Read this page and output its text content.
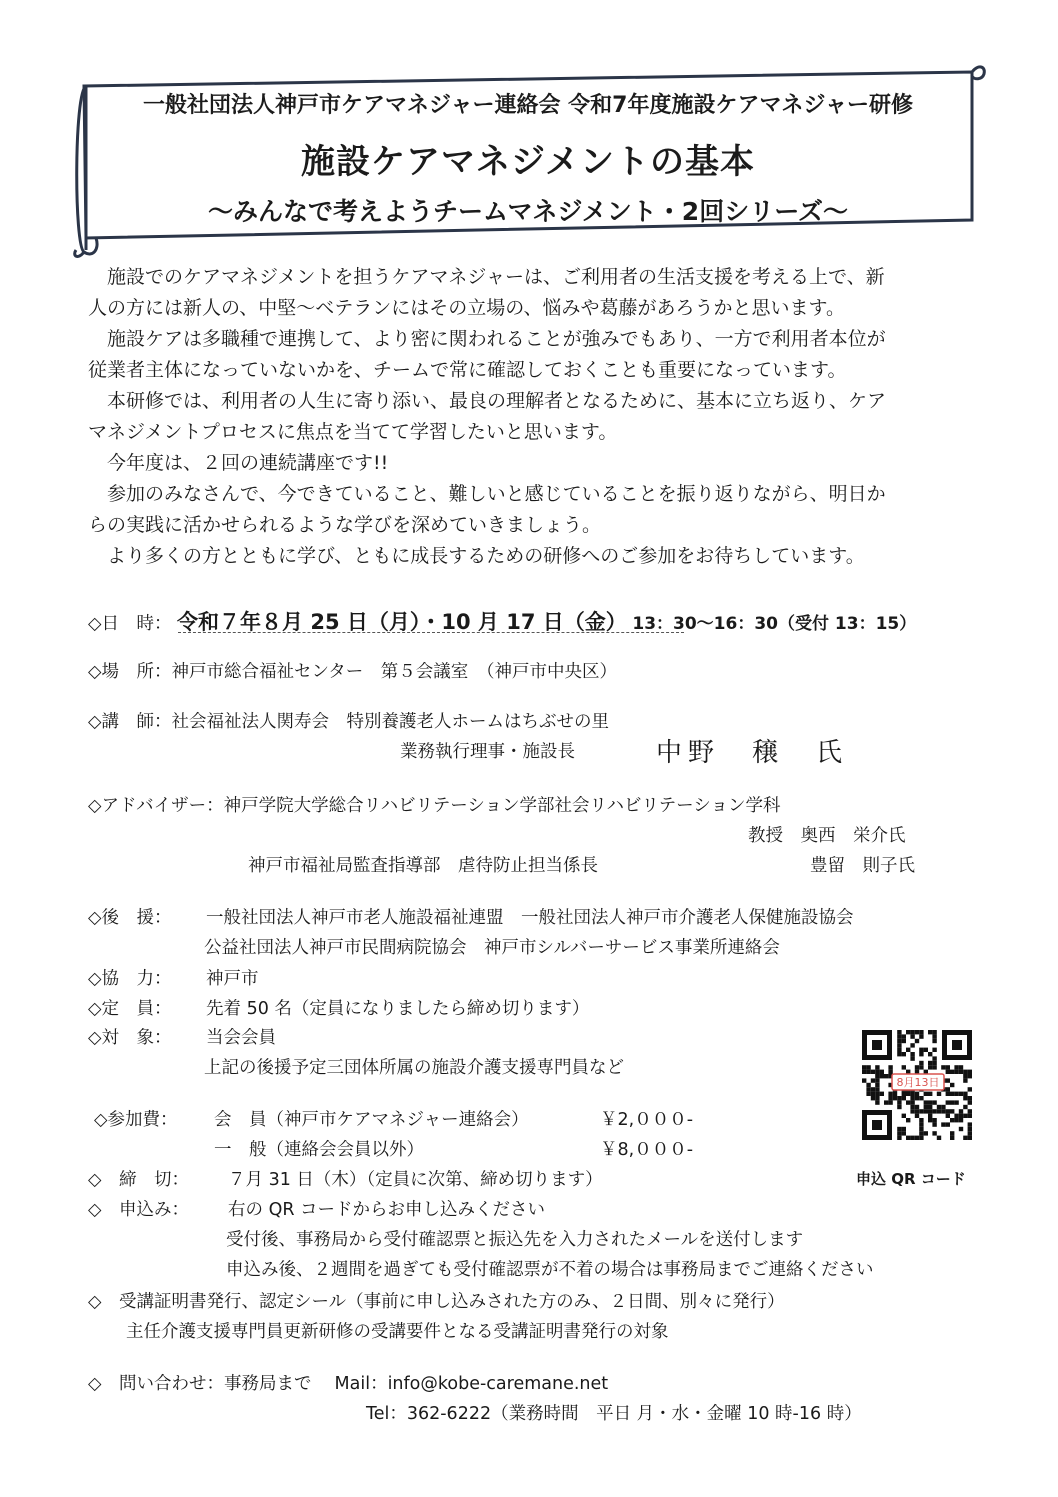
一般社団法人神戸市ケアマネジャー連絡会 令和7年度施設ケアマネジャー研修
施設ケアマネジメントの基本
〜みんなで考えようチームマネジメント・2回シリーズ〜

　施設でのケアマネジメントを担うケアマネジャーは、ご利用者の生活支援を考える上で、新

人の方には新人の、中堅〜ベテランにはその立場の、悩みや葛藤があろうかと思います。

　施設ケアは多職種で連携して、より密に関われることが強みでもあり、一方で利用者本位が

従業者主体になっていないかを、チームで常に確認しておくことも重要になっています。

　本研修では、利用者の人生に寄り添い、最良の理解者となるために、基本に立ち返り、ケア

マネジメントプロセスに焦点を当てて学習したいと思います。

　今年度は、２回の連続講座です!!

　参加のみなさんで、今できていること、難しいと感じていることを振り返りながら、明日か

らの実践に活かせられるような学びを深めていきましょう。

　より多くの方とともに学び、ともに成長するための研修へのご参加をお待ちしています。

◇日　時： 令和７年８月 25 日（月）・10 月 17 日（金） 13：30〜16：30（受付 13：15）
◇場　所：神戸市総合福祉センター　第５会議室　（神戸市中央区）
◇講　師：社会福祉法人関寿会　特別養護老人ホームはちぶせの里
業務執行理事・施設長	中野　穣　氏
◇アドバイザー：神戸学院大学総合リハビリテーション学部社会リハビリテーション学科
教授　奥西　栄介氏
神戸市福祉局監査指導部　虐待防止担当係長	豊留　則子氏
◇後　援： 一般社団法人神戸市老人施設福祉連盟　一般社団法人神戸市介護老人保健施設協会
公益社団法人神戸市民間病院協会　神戸市シルバーサービス事業所連絡会
◇協　力： 神戸市
◇定　員： 先着 50 名（定員になりましたら締め切ります）
◇対　象： 当会会員
上記の後援予定三団体所属の施設介護支援専門員など
◇参加費： 会　員（神戸市ケアマネジャー連絡会）	￥2,０００-
一　般（連絡会会員以外）	￥8,０００-
◇　締　切： ７月 31 日（木）（定員に次第、締め切ります）
◇　申込み： 右の QR コードからお申し込みください
受付後、事務局から受付確認票と振込先を入力されたメールを送付します
申込み後、２週間を過ぎても受付確認票が不着の場合は事務局までご連絡ください
◇　受講証明書発行、認定シール（事前に申し込みされた方のみ、２日間、別々に発行）
主任介護支援専門員更新研修の受講要件となる受講証明書発行の対象
◇　問い合わせ：事務局まで　 Mail：info@kobe-caremane.net
Tel：362-6222（業務時間　平日 月・水・金曜 10 時-16 時）
8月13日
申込 QR コード
